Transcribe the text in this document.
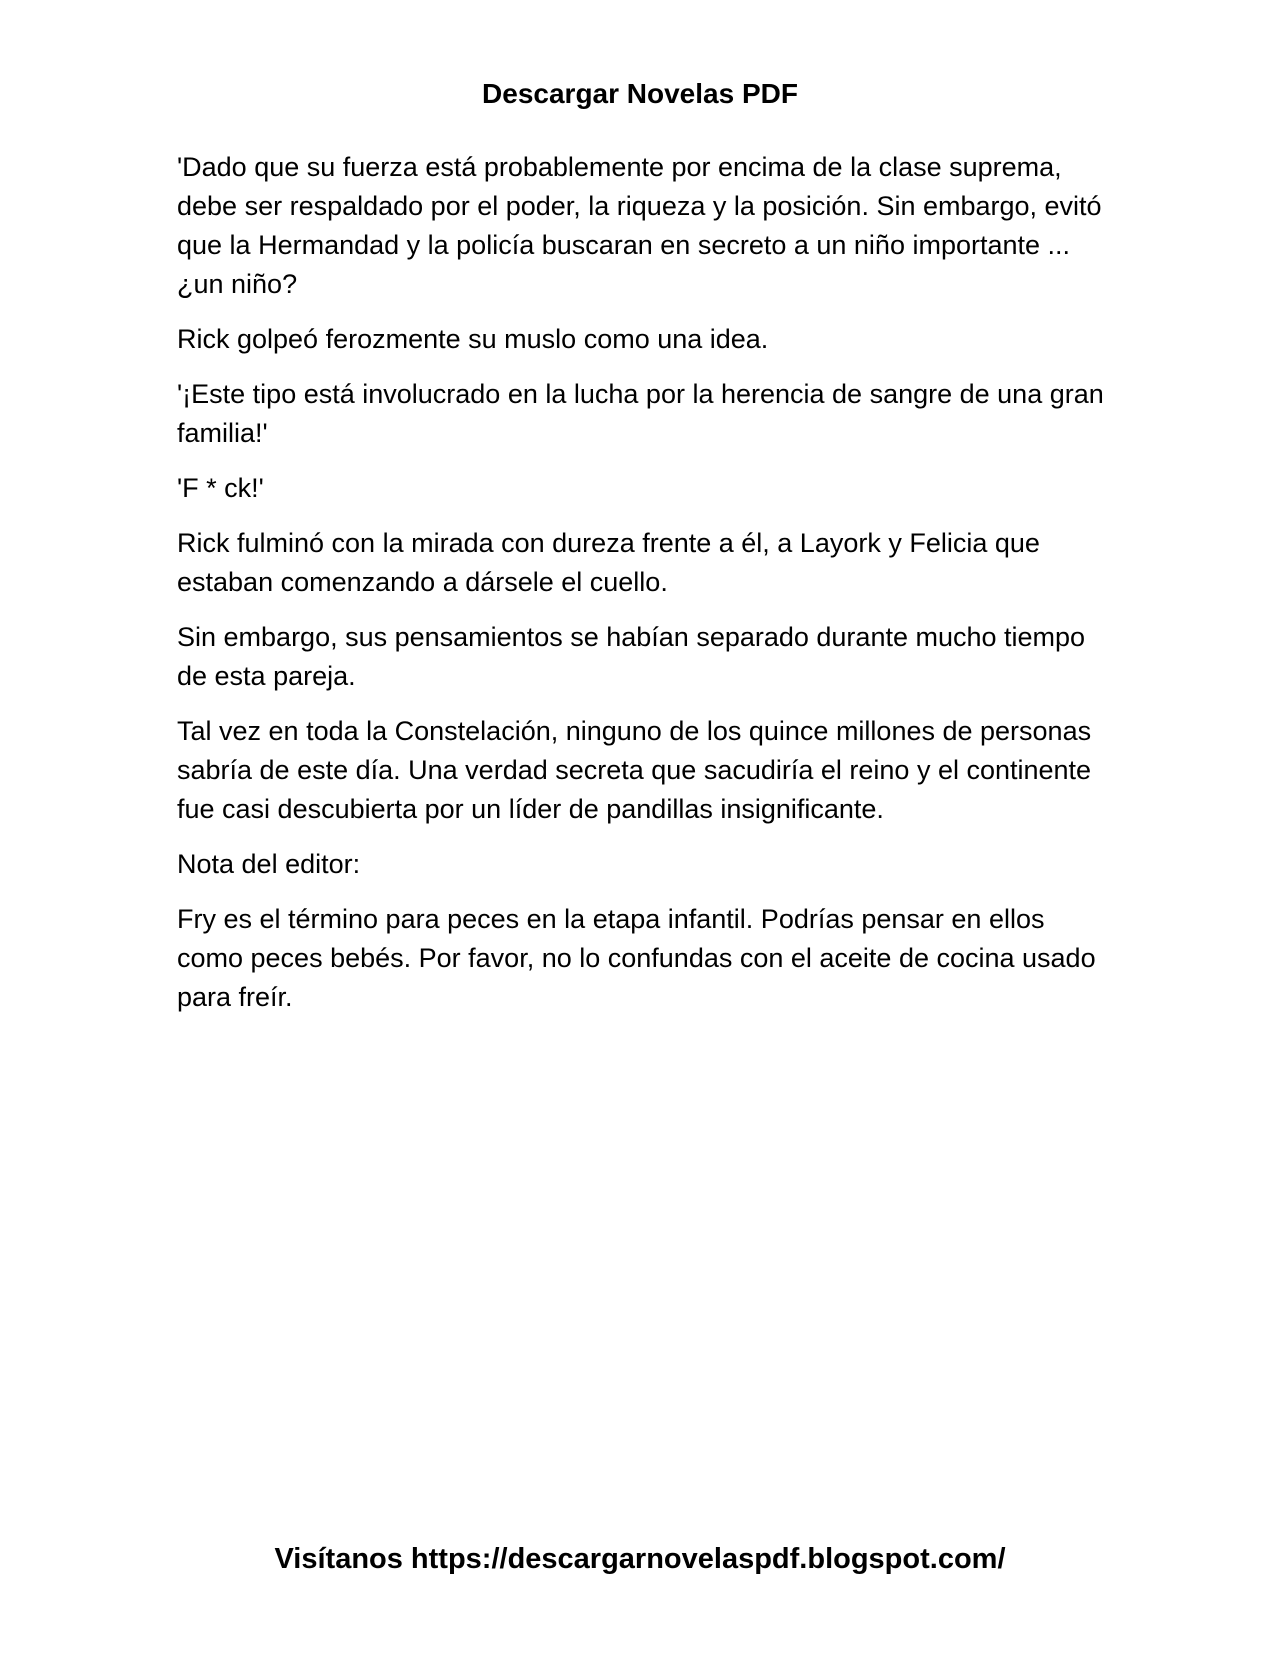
Descargar Novelas PDF

'Dado que su fuerza está probablemente por encima de la clase suprema, debe ser respaldado por el poder, la riqueza y la posición. Sin embargo, evitó que la Hermandad y la policía buscaran en secreto a un niño importante ... ¿un niño?

Rick golpeó ferozmente su muslo como una idea.

'¡Este tipo está involucrado en la lucha por la herencia de sangre de una gran familia!'

'F * ck!'

Rick fulminó con la mirada con dureza frente a él, a Layork y Felicia que estaban comenzando a dársele el cuello.

Sin embargo, sus pensamientos se habían separado durante mucho tiempo de esta pareja.

Tal vez en toda la Constelación, ninguno de los quince millones de personas sabría de este día. Una verdad secreta que sacudiría el reino y el continente fue casi descubierta por un líder de pandillas insignificante.

Nota del editor:

Fry es el término para peces en la etapa infantil. Podrías pensar en ellos como peces bebés. Por favor, no lo confundas con el aceite de cocina usado para freír.

Visítanos https://descargarnovelaspdf.blogspot.com/
